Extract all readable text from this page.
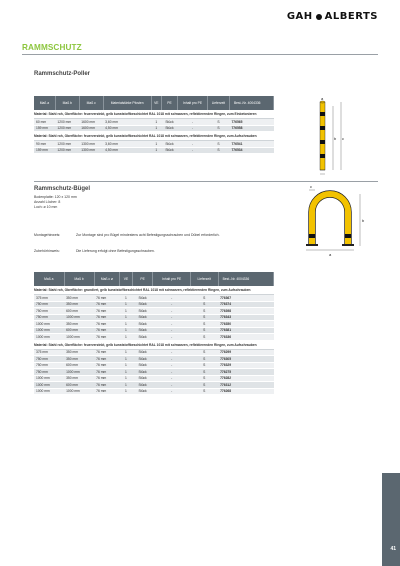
GAH ALBERTS
RAMMSCHUTZ
Rammschutz-Poller
Maß a	Maß b	Maß c	Materialstärke Pfosten	VE	PE	Inhalt pro PE	Lieferzeit	Best.-Nr. 4004336
Material: Stahl roh, Oberfläche: feuerverzinkt, gelb kunststoffbeschichtet RAL 1018 mit schwarzen, reflektierenden Ringen, zum Einbetonieren								
60 mm	1200 mm	1600 mm	3,60 mm	1	Stück	-	S	776565
159 mm	1200 mm	1600 mm	4,50 mm	1	Stück	-	S	776558
Material: Stahl roh, Oberfläche: feuerverzinkt, gelb kunststoffbeschichtet RAL 1018 mit schwarzen, reflektierenden Ringen, zum Aufschrauben								
90 mm	1200 mm	1300 mm	3,60 mm	1	Stück	-	S	776541
159 mm	1200 mm	1300 mm	4,50 mm	1	Stück	-	S	776534
a
b c
Rammschutz-Bügel
Bodenplatte: 120 x 120 mm
Anzahl Löcher: 8
Loch: ø 10 mm
Montagehinweis:	Zur Montage sind pro Bügel mindestens acht Befestigungsschrauben und Dübel erforderlich.
Zubehörhinweis:	Die Lieferung erfolgt ohne Befestigungsschrauben.
c
a
b
Maß a	Maß b	Maß c ø	VE	PE	Inhalt pro PE	Lieferzeit	Best.-Nr. 4004336
Material: Stahl roh, Oberfläche: grundiert, gelb kunststoffbeschichtet RAL 1018 mit schwarzen, reflektierenden Ringen, zum Aufschrauben							
375 mm	350 mm	76 mm	1	Stück	-	S	776367
750 mm	350 mm	76 mm	1	Stück	-	S	776374
750 mm	600 mm	76 mm	1	Stück	-	S	776398
750 mm	1000 mm	76 mm	1	Stück	-	S	776343
1000 mm	350 mm	76 mm	1	Stück	-	S	776350
1000 mm	600 mm	76 mm	1	Stück	-	S	776381
1000 mm	1000 mm	76 mm	1	Stück	-	S	776336
Material: Stahl roh, Oberfläche: feuerverzinkt, gelb kunststoffbeschichtet RAL 1018 mit schwarzen, reflektierenden Ringen, zum Aufschrauben							
375 mm	350 mm	76 mm	1	Stück	-	S	776299
750 mm	350 mm	76 mm	1	Stück	-	S	776305
750 mm	600 mm	76 mm	1	Stück	-	S	776329
750 mm	1000 mm	76 mm	1	Stück	-	S	776275
1000 mm	350 mm	76 mm	1	Stück	-	S	776282
1000 mm	600 mm	76 mm	1	Stück	-	S	776312
1000 mm	1000 mm	76 mm	1	Stück	-	S	776268
41
